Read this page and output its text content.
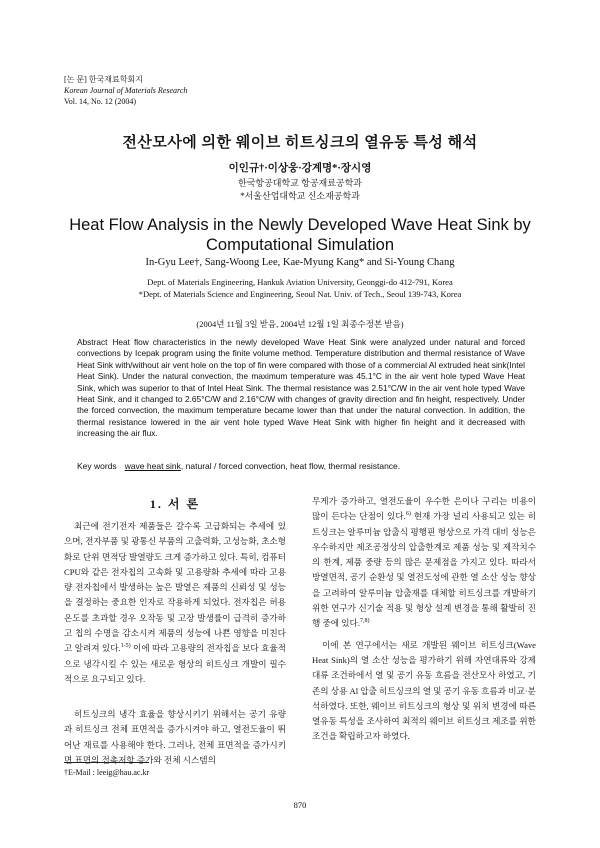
[논 문] 한국재료학회지
Korean Journal of Materials Research
Vol. 14, No. 12 (2004)
전산모사에 의한 웨이브 히트싱크의 열유동 특성 해석
이인규†·이상웅·강계명*·장시영
한국항공대학교 항공재료공학과
*서울산업대학교 신소재공학과
Heat Flow Analysis in the Newly Developed Wave Heat Sink by
Computational Simulation
In-Gyu Lee†, Sang-Woong Lee, Kae-Myung Kang* and Si-Young Chang
Dept. of Materials Engineering, Hankuk Aviation University, Geonggi-do 412-791, Korea
*Dept. of Materials Science and Engineering, Seoul Nat. Univ. of Tech., Seoul 139-743, Korea
(2004년 11월 3일 받음, 2004년 12월 1일 최종수정본 받음)
Abstract Heat flow characteristics in the newly developed Wave Heat Sink were analyzed under natural and forced convections by Icepak program using the finite volume method. Temperature distribution and thermal resistance of Wave Heat Sink with/without air vent hole on the top of fin were compared with those of a commercial Al extruded heat sink(Intel Heat Sink). Under the natural convection, the maximum temperature was 45.1°C in the air vent hole typed Wave Heat Sink, which was superior to that of Intel Heat Sink. The thermal resistance was 2.51°C/W in the air vent hole typed Wave Heat Sink, and it changed to 2.65°C/W and 2.16°C/W with changes of gravity direction and fin height, respectively. Under the forced convection, the maximum temperature became lower than that under the natural convection. In addition, the thermal resistance lowered in the air vent hole typed Wave Heat Sink with higher fin height and it decreased with increasing the air flux.
Key words wave heat sink, natural / forced convection, heat flow, thermal resistance.
1. 서 론

최근에 전기전자 제품들은 갈수록 고급화되는 추세에 있으며, 전자부품 및 광통신 부품의 고출력화, 고성능화, 초소형화로 단위 면적당 발열량도 크게 증가하고 있다. 특히, 컴퓨터 CPU와 같은 전자칩의 고속화 및 고용량화 추세에 따라 고용량 전자칩에서 발생하는 높은 발열은 제품의 신뢰성 및 성능을 결정하는 중요한 인자로 작용하게 되었다. 전자칩은 허용온도를 초과할 경우 오작동 및 고장 발생률이 급격히 증가하고 칩의 수명을 감소시켜 제품의 성능에 나쁜 영향을 미친다고 알려져 있다.$^{1-5)}$ 이에 따라 고용량의 전자칩을 보다 효율적으로 냉각시킬 수 있는 새로운 형상의 히트싱크 개발이 필수적으로 요구되고 있다.

히트싱크의 냉각 효율을 향상시키기 위해서는 공기 유량과 히트싱크 전체 표면적을 증가시켜야 하고, 열전도율이 뛰어난 재료를 사용해야 한다. 그러나, 전체 표면적을 증가시키면 표면의 접촉저항 증가와 전체 시스템의

무게가 증가하고, 열전도율이 우수한 은이나 구리는 비용이 많이 든다는 단점이 있다.$^{6)}$ 현재 가장 널리 사용되고 있는 히트싱크는 알루미늄 압출식 평행핀 형상으로 가격 대비 성능은 우수하지만 제조공정상의 압출한계로 제품 성능 및 제작치수의 한계, 제품 중량 등의 많은 문제점을 가지고 있다. 따라서 방열면적, 공기 순환성 및 열전도성에 관한 열 소산 성능 향상을 고려하여 알루미늄 압출재를 대체할 히트싱크를 개발하기 위한 연구가 신기술 적용 및 형상 설계 변경을 통해 활발히 진행 중에 있다.$^{7,8)}$

이에 본 연구에서는 새로 개발된 웨이브 히트싱크(Wave Heat Sink)의 열 소산 성능을 평가하기 위해 자연대류와 강제대류 조건하에서 열 및 공기 유동 흐름을 전산모사 하였고, 기존의 상용 Al 압출 히트싱크의 열 및 공기 유동 흐름과 비교·분석하였다. 또한, 웨이브 히트싱크의 형상 및 위치 변경에 따른 열유동 특성을 조사하여 최적의 웨이브 히트싱크 제조를 위한 조건을 확립하고자 하였다.

†E-Mail : leeig@hau.ac.kr
870
